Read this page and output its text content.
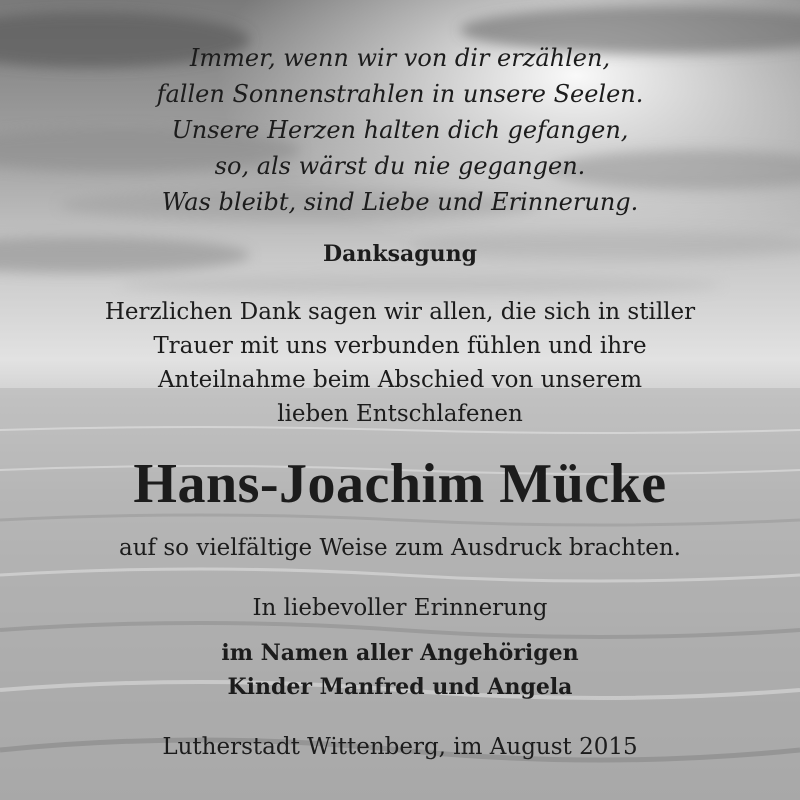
Immer, wenn wir von dir erzählen,
fallen Sonnenstrahlen in unsere Seelen.
Unsere Herzen halten dich gefangen,
so, als wärst du nie gegangen.
Was bleibt, sind Liebe und Erinnerung.
Danksagung
Herzlichen Dank sagen wir allen, die sich in stiller
Trauer mit uns verbunden fühlen und ihre
Anteilnahme beim Abschied von unserem
lieben Entschlafenen
Hans-Joachim Mücke

auf so vielfältige Weise zum Ausdruck brachten.

In liebevoller Erinnerung

im Namen aller Angehörigen
Kinder Manfred und Angela

Lutherstadt Wittenberg, im August 2015
